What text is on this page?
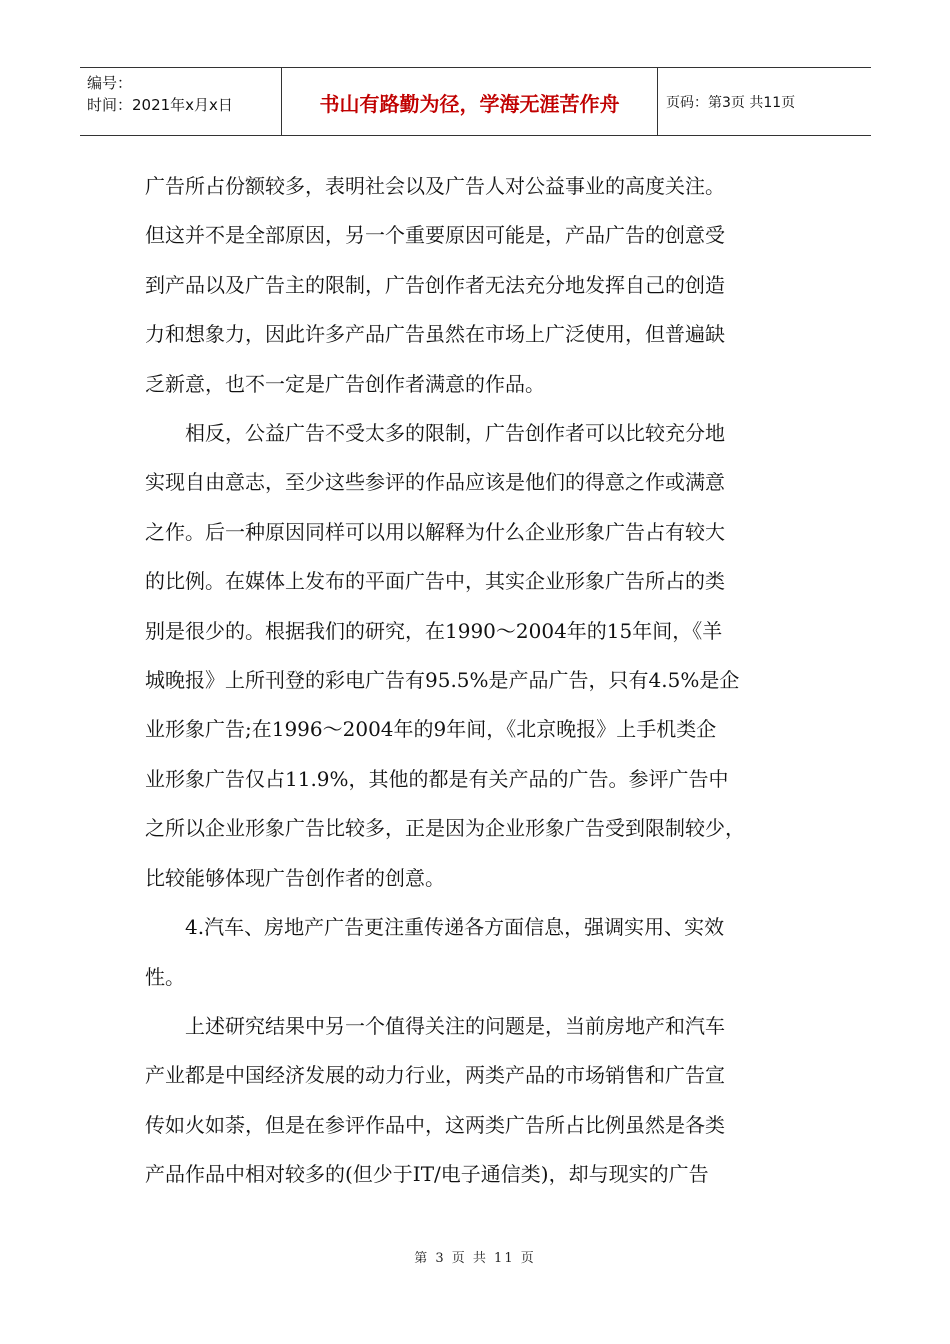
编号：
时间：2021年x月x日	书山有路勤为径，学海无涯苦作舟	页码：第3页 共11页
广告所占份额较多，表明社会以及广告人对公益事业的高度关注。
但这并不是全部原因，另一个重要原因可能是，产品广告的创意受
到产品以及广告主的限制，广告创作者无法充分地发挥自己的创造
力和想象力，因此许多产品广告虽然在市场上广泛使用，但普遍缺
乏新意，也不一定是广告创作者满意的作品。
　　相反，公益广告不受太多的限制，广告创作者可以比较充分地
实现自由意志，至少这些参评的作品应该是他们的得意之作或满意
之作。后一种原因同样可以用以解释为什么企业形象广告占有较大
的比例。在媒体上发布的平面广告中，其实企业形象广告所占的类
别是很少的。根据我们的研究，在1990～2004年的15年间，《羊
城晚报》上所刊登的彩电广告有95.5%是产品广告，只有4.5%是企
业形象广告;在1996～2004年的9年间，《北京晚报》上手机类企
业形象广告仅占11.9%，其他的都是有关产品的广告。参评广告中
之所以企业形象广告比较多，正是因为企业形象广告受到限制较少，
比较能够体现广告创作者的创意。
　　4.汽车、房地产广告更注重传递各方面信息，强调实用、实效
性。
　　上述研究结果中另一个值得关注的问题是，当前房地产和汽车
产业都是中国经济发展的动力行业，两类产品的市场销售和广告宣
传如火如荼，但是在参评作品中，这两类广告所占比例虽然是各类
产品作品中相对较多的(但少于IT/电子通信类)，却与现实的广告
第 3 页 共 11 页
